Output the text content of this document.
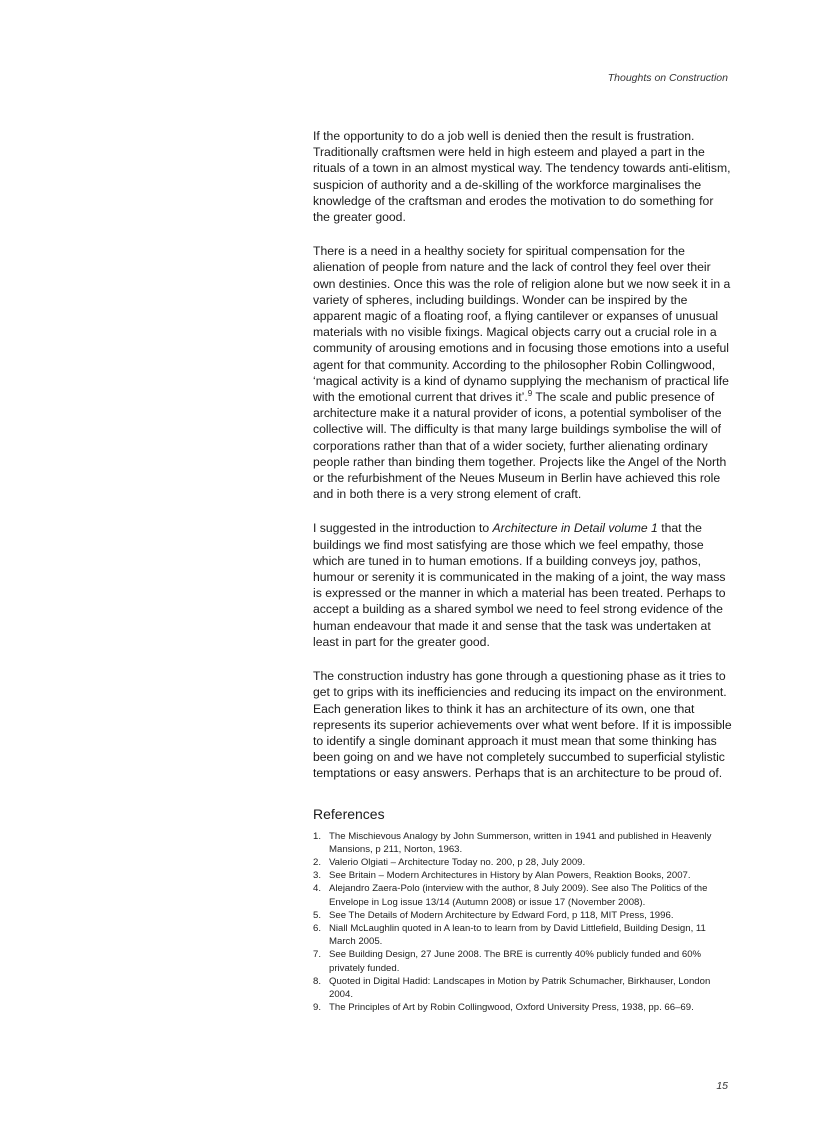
Thoughts on Construction

If the opportunity to do a job well is denied then the result is frustration. Traditionally craftsmen were held in high esteem and played a part in the rituals of a town in an almost mystical way. The tendency towards anti-elitism, suspicion of authority and a de-skilling of the workforce marginalises the knowledge of the craftsman and erodes the motivation to do something for the greater good.

There is a need in a healthy society for spiritual compensation for the alienation of people from nature and the lack of control they feel over their own destinies. Once this was the role of religion alone but we now seek it in a variety of spheres, including buildings. Wonder can be inspired by the apparent magic of a floating roof, a flying cantilever or expanses of unusual materials with no visible fixings. Magical objects carry out a crucial role in a community of arousing emotions and in focusing those emotions into a useful agent for that community. According to the philosopher Robin Collingwood, ‘magical activity is a kind of dynamo supplying the mechanism of practical life with the emotional current that drives it’.$^9$ The scale and public presence of architecture make it a natural provider of icons, a potential symboliser of the collective will. The difficulty is that many large buildings symbolise the will of corporations rather than that of a wider society, further alienating ordinary people rather than binding them together. Projects like the Angel of the North or the refurbishment of the Neues Museum in Berlin have achieved this role and in both there is a very strong element of craft.

I suggested in the introduction to Architecture in Detail volume 1 that the buildings we find most satisfying are those which we feel empathy, those which are tuned in to human emotions. If a building conveys joy, pathos, humour or serenity it is communicated in the making of a joint, the way mass is expressed or the manner in which a material has been treated. Perhaps to accept a building as a shared symbol we need to feel strong evidence of the human endeavour that made it and sense that the task was undertaken at least in part for the greater good.

The construction industry has gone through a questioning phase as it tries to get to grips with its inefficiencies and reducing its impact on the environment. Each generation likes to think it has an architecture of its own, one that represents its superior achievements over what went before. If it is impossible to identify a single dominant approach it must mean that some thinking has been going on and we have not completely succumbed to superficial stylistic temptations or easy answers. Perhaps that is an architecture to be proud of.

References
1. The Mischievous Analogy by John Summerson, written in 1941 and published in Heavenly Mansions, p 211, Norton, 1963.
2. Valerio Olgiati – Architecture Today no. 200, p 28, July 2009.
3. See Britain – Modern Architectures in History by Alan Powers, Reaktion Books, 2007.
4. Alejandro Zaera-Polo (interview with the author, 8 July 2009). See also The Politics of the Envelope in Log issue 13/14 (Autumn 2008) or issue 17 (November 2008).
5. See The Details of Modern Architecture by Edward Ford, p 118, MIT Press, 1996.
6. Niall McLaughlin quoted in A lean-to to learn from by David Littlefield, Building Design, 11 March 2005.
7. See Building Design, 27 June 2008. The BRE is currently 40% publicly funded and 60% privately funded.
8. Quoted in Digital Hadid: Landscapes in Motion by Patrik Schumacher, Birkhauser, London 2004.
9. The Principles of Art by Robin Collingwood, Oxford University Press, 1938, pp. 66–69.
15
